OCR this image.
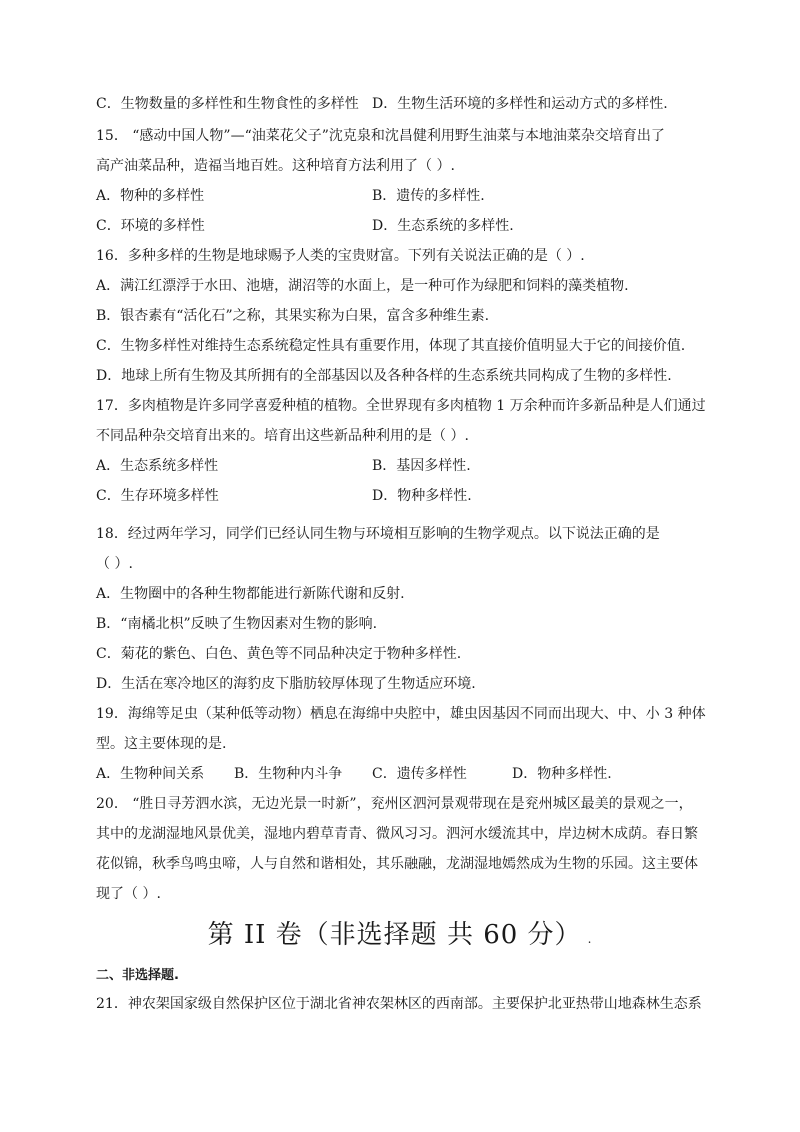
C．生物数量的多样性和生物食性的多样性 D．生物生活环境的多样性和运动方式的多样性.
15． “感动中国人物”—“油菜花父子”沈克泉和沈昌健利用野生油菜与本地油菜杂交培育出了
高产油菜品种，造福当地百姓。这种培育方法利用了（ ）.
A．物种的多样性	B．遗传的多样性.
C．环境的多样性	D．生态系统的多样性.
16．多种多样的生物是地球赐予人类的宝贵财富。下列有关说法正确的是（ ）.
A．满江红漂浮于水田、池塘，湖沼等的水面上，是一种可作为绿肥和饲料的藻类植物.
B．银杏素有“活化石”之称，其果实称为白果，富含多种维生素.
C．生物多样性对维持生态系统稳定性具有重要作用，体现了其直接价值明显大于它的间接价值.
D．地球上所有生物及其所拥有的全部基因以及各种各样的生态系统共同构成了生物的多样性.
17．多肉植物是许多同学喜爱种植的植物。全世界现有多肉植物 1 万余种而许多新品种是人们通过
不同品种杂交培育出来的。培育出这些新品种利用的是（ ）.
A．生态系统多样性	B．基因多样性.
C．生存环境多样性	D．物种多样性.
18．经过两年学习，同学们已经认同生物与环境相互影响的生物学观点。以下说法正确的是
（ ）.
A．生物圈中的各种生物都能进行新陈代谢和反射.
B．“南橘北枳”反映了生物因素对生物的影响.
C．菊花的紫色、白色、黄色等不同品种决定于物种多样性.
D．生活在寒冷地区的海豹皮下脂肪较厚体现了生物适应环境.
19．海绵等足虫（某种低等动物）栖息在海绵中央腔中，雄虫因基因不同而出现大、中、小 3 种体
型。这主要体现的是.
A．生物种间关系 B．生物种内斗争 C．遗传多样性	D．物种多样性.
20． “胜日寻芳泗水滨，无边光景一时新”，兖州区泗河景观带现在是兖州城区最美的景观之一，
其中的龙湖湿地风景优美，湿地内碧草青青、微风习习。泗河水缓流其中，岸边树木成荫。春日繁
花似锦，秋季鸟鸣虫啼，人与自然和谐相处，其乐融融，龙湖湿地嫣然成为生物的乐园。这主要体
现了（ ）.
第 II 卷（非选择题 共 60 分） .
二、非选择题.
21．神农架国家级自然保护区位于湖北省神农架林区的西南部。主要保护北亚热带山地森林生态系
